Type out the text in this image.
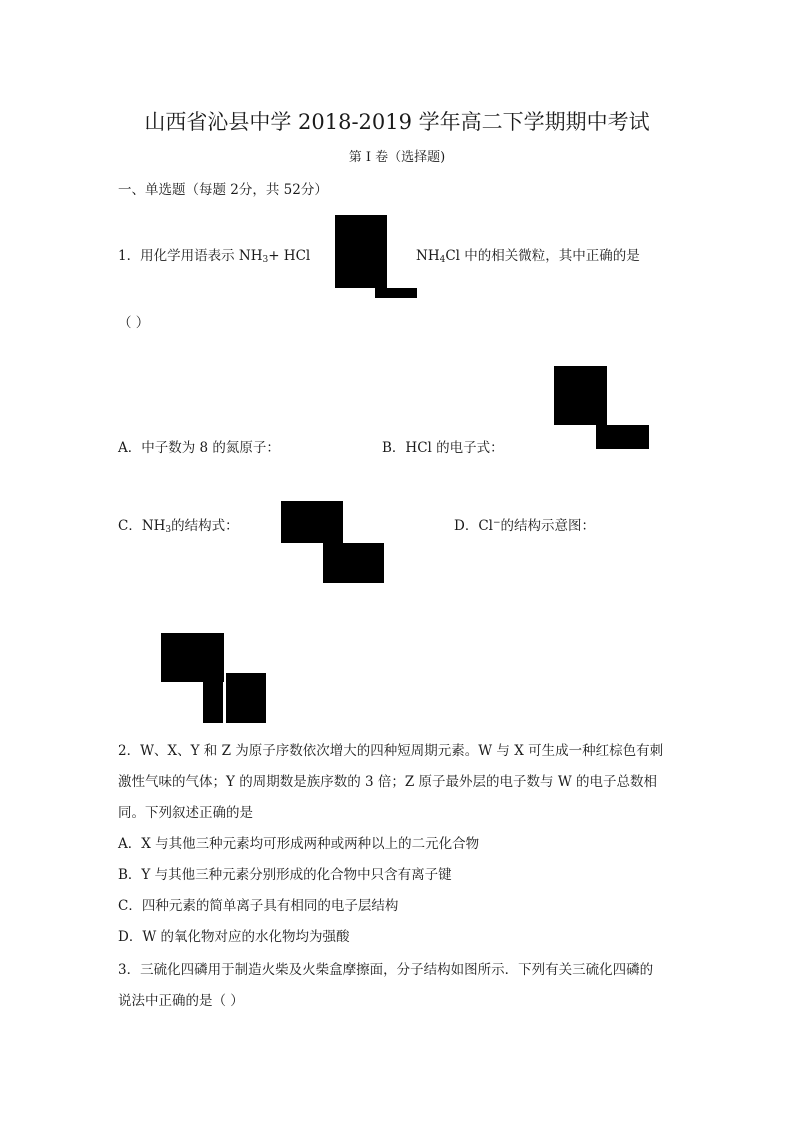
山西省沁县中学 2018-2019 学年高二下学期期中考试
第 I 卷（选择题)
一、单选题（每题 2分，共 52分）
1．用化学用语表示 $NH_3+$ HCl	$NH_4Cl$ 中的相关微粒，其中正确的是
（ ）
A．中子数为 8 的氮原子：	B．HCl 的电子式：
C．$NH_3$的结构式：	D．Cl−的结构示意图：
2．W、X、Y 和 Z 为原子序数依次增大的四种短周期元素。W 与 X 可生成一种红棕色有刺
激性气味的气体；Y 的周期数是族序数的 3 倍；Z 原子最外层的电子数与 W 的电子总数相
同。下列叙述正确的是
A．X 与其他三种元素均可形成两种或两种以上的二元化合物
B．Y 与其他三种元素分别形成的化合物中只含有离子键
C．四种元素的简单离子具有相同的电子层结构
D．W 的氧化物对应的水化物均为强酸
3．三硫化四磷用于制造火柴及火柴盒摩擦面，分子结构如图所示．下列有关三硫化四磷的
说法中正确的是（ ）
